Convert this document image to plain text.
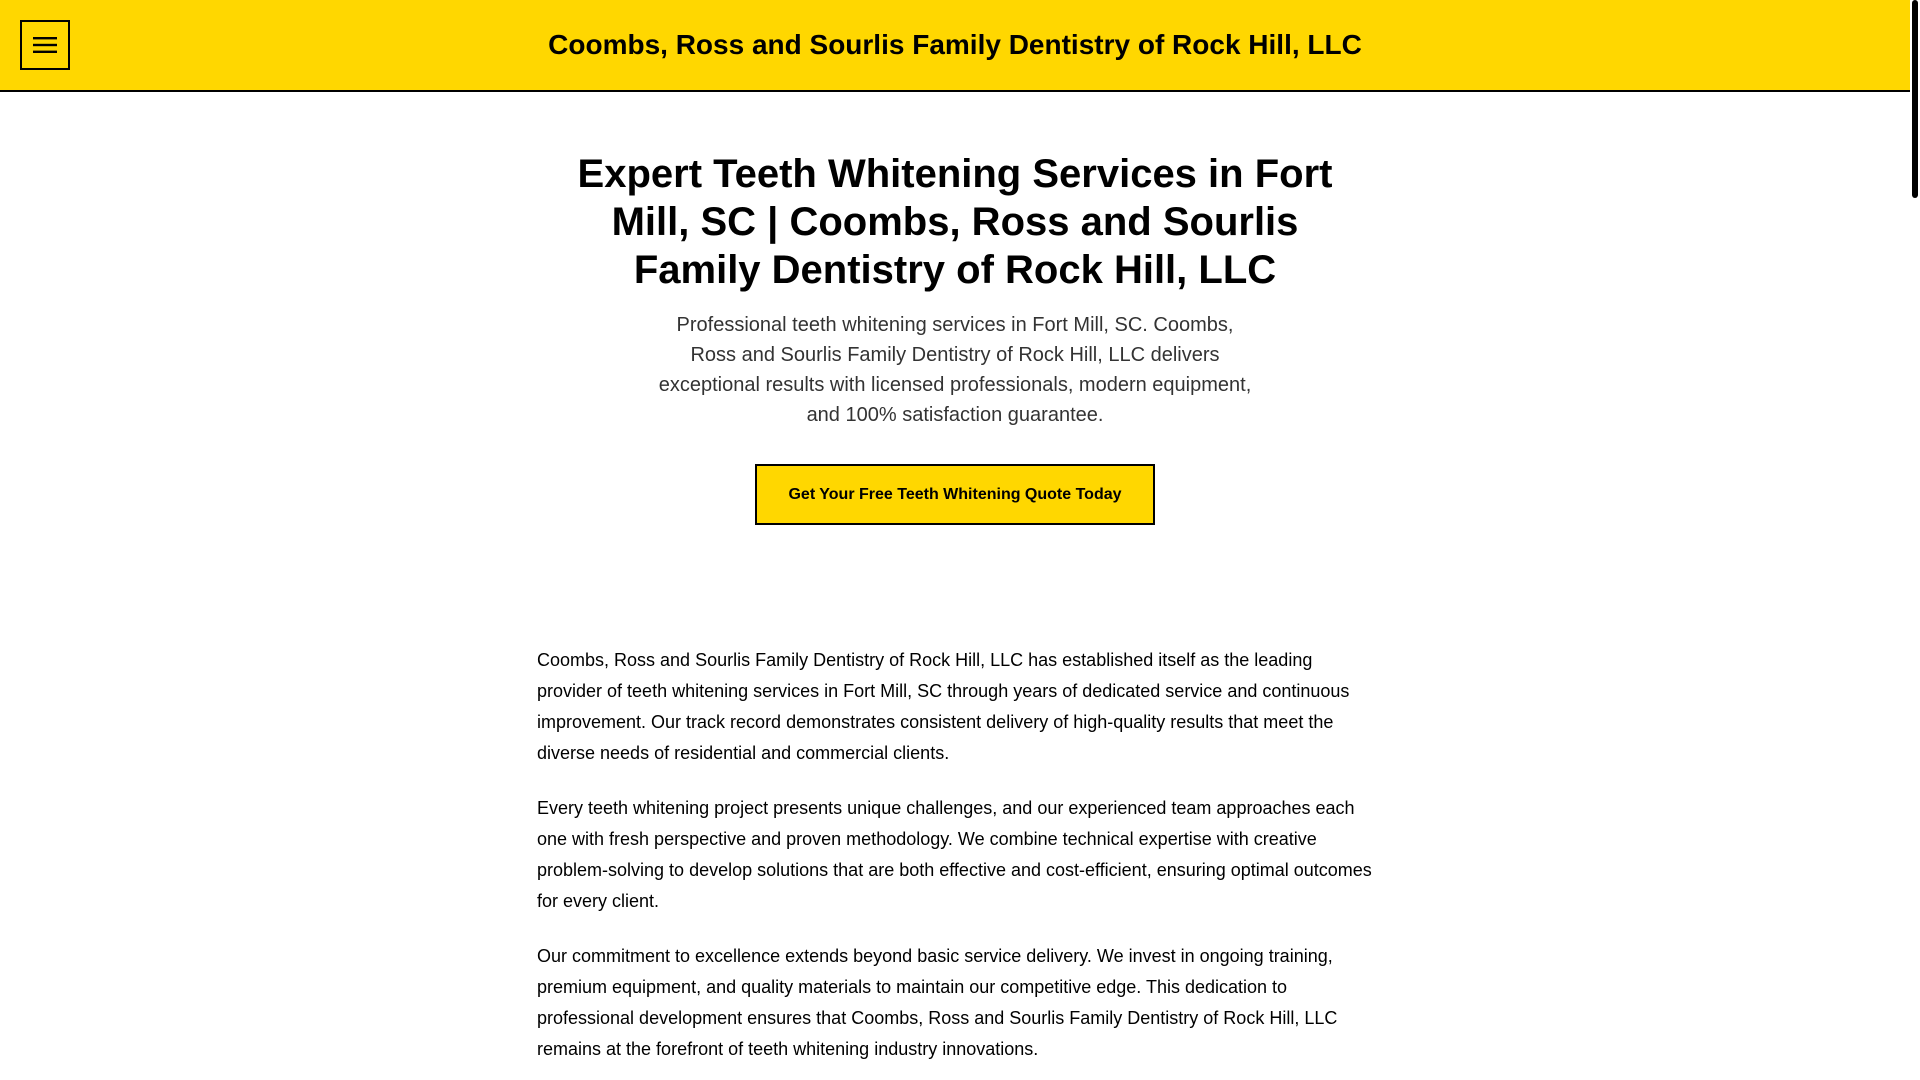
Coombs, Ross and Sourlis Family Dentistry of Rock Hill, LLC
Expert Teeth Whitening Services in Fort Mill, SC | Coombs, Ross and Sourlis Family Dentistry of Rock Hill, LLC

Professional teeth whitening services in Fort Mill, SC. Coombs, Ross and Sourlis Family Dentistry of Rock Hill, LLC delivers exceptional results with licensed professionals, modern equipment, and 100% satisfaction guarantee.

Get Your Free Teeth Whitening Quote Today

Coombs, Ross and Sourlis Family Dentistry of Rock Hill, LLC has established itself as the leading provider of teeth whitening services in Fort Mill, SC through years of dedicated service and continuous improvement. Our track record demonstrates consistent delivery of high-quality results that meet the diverse needs of residential and commercial clients.

Every teeth whitening project presents unique challenges, and our experienced team approaches each one with fresh perspective and proven methodology. We combine technical expertise with creative problem-solving to develop solutions that are both effective and cost-efficient, ensuring optimal outcomes for every client.

Our commitment to excellence extends beyond basic service delivery. We invest in ongoing training, premium equipment, and quality materials to maintain our competitive edge. This dedication to professional development ensures that Coombs, Ross and Sourlis Family Dentistry of Rock Hill, LLC remains at the forefront of teeth whitening industry innovations.
